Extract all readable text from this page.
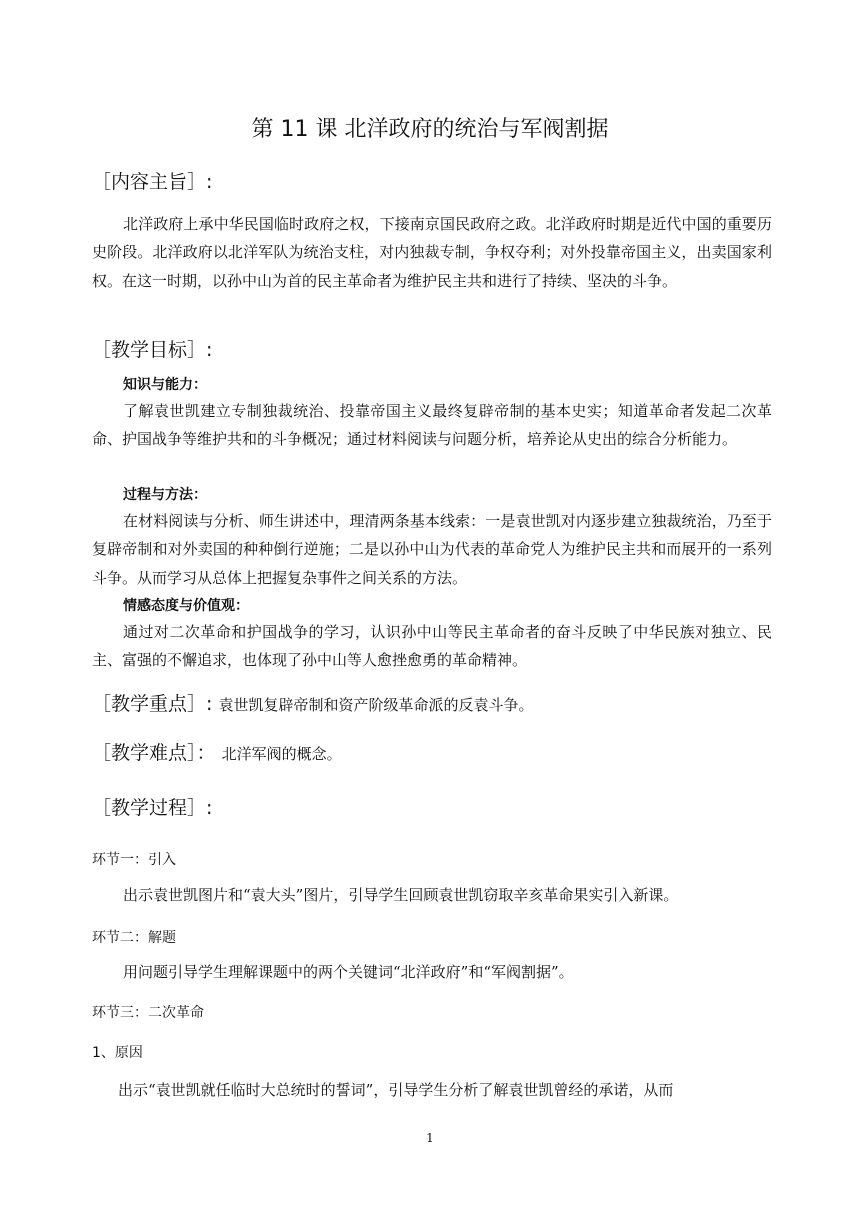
第 11 课 北洋政府的统治与军阀割据
［内容主旨］:
北洋政府上承中华民国临时政府之权，下接南京国民政府之政。北洋政府时期是近代中国的重要历史阶段。北洋政府以北洋军队为统治支柱，对内独裁专制，争权夺利；对外投靠帝国主义，出卖国家利权。在这一时期，以孙中山为首的民主革命者为维护民主共和进行了持续、坚决的斗争。
［教学目标］:
知识与能力：
了解袁世凯建立专制独裁统治、投靠帝国主义最终复辟帝制的基本史实；知道革命者发起二次革命、护国战争等维护共和的斗争概况；通过材料阅读与问题分析，培养论从史出的综合分析能力。
过程与方法：
在材料阅读与分析、师生讲述中，理清两条基本线索：一是袁世凯对内逐步建立独裁统治，乃至于复辟帝制和对外卖国的种种倒行逆施；二是以孙中山为代表的革命党人为维护民主共和而展开的一系列斗争。从而学习从总体上把握复杂事件之间关系的方法。
情感态度与价值观：
通过对二次革命和护国战争的学习，认识孙中山等民主革命者的奋斗反映了中华民族对独立、民主、富强的不懈追求，也体现了孙中山等人愈挫愈勇的革命精神。
［教学重点］: 袁世凯复辟帝制和资产阶级革命派的反袁斗争。
［教学难点］： 北洋军阀的概念。
［教学过程］:
环节一：引入
出示袁世凯图片和“袁大头”图片，引导学生回顾袁世凯窃取辛亥革命果实引入新课。
环节二：解题
用问题引导学生理解课题中的两个关键词“北洋政府”和“军阀割据”。
环节三：二次革命
1、原因
出示“袁世凯就任临时大总统时的誓词”，引导学生分析了解袁世凯曾经的承诺，从而
1
